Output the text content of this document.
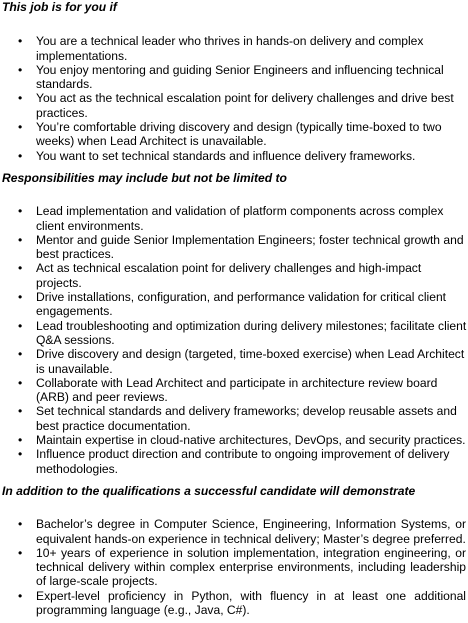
This job is for you if
• You are a technical leader who thrives in hands-on delivery and complex implementations.
• You enjoy mentoring and guiding Senior Engineers and influencing technical standards.
• You act as the technical escalation point for delivery challenges and drive best practices.
• You’re comfortable driving discovery and design (typically time-boxed to two weeks) when Lead Architect is unavailable.
• You want to set technical standards and influence delivery frameworks.
Responsibilities may include but not be limited to
• Lead implementation and validation of platform components across complex client environments.
• Mentor and guide Senior Implementation Engineers; foster technical growth and best practices.
• Act as technical escalation point for delivery challenges and high-impact projects.
• Drive installations, configuration, and performance validation for critical client engagements.
• Lead troubleshooting and optimization during delivery milestones; facilitate client Q&A sessions.
• Drive discovery and design (targeted, time-boxed exercise) when Lead Architect is unavailable.
• Collaborate with Lead Architect and participate in architecture review board (ARB) and peer reviews.
• Set technical standards and delivery frameworks; develop reusable assets and best practice documentation.
• Maintain expertise in cloud-native architectures, DevOps, and security practices.
• Influence product direction and contribute to ongoing improvement of delivery methodologies.
In addition to the qualifications a successful candidate will demonstrate
• Bachelor’s degree in Computer Science, Engineering, Information Systems, or equivalent hands-on experience in technical delivery; Master’s degree preferred.
• 10+ years of experience in solution implementation, integration engineering, or technical delivery within complex enterprise environments, including leadership of large-scale projects.
• Expert-level proficiency in Python, with fluency in at least one additional programming language (e.g., Java, C#).
